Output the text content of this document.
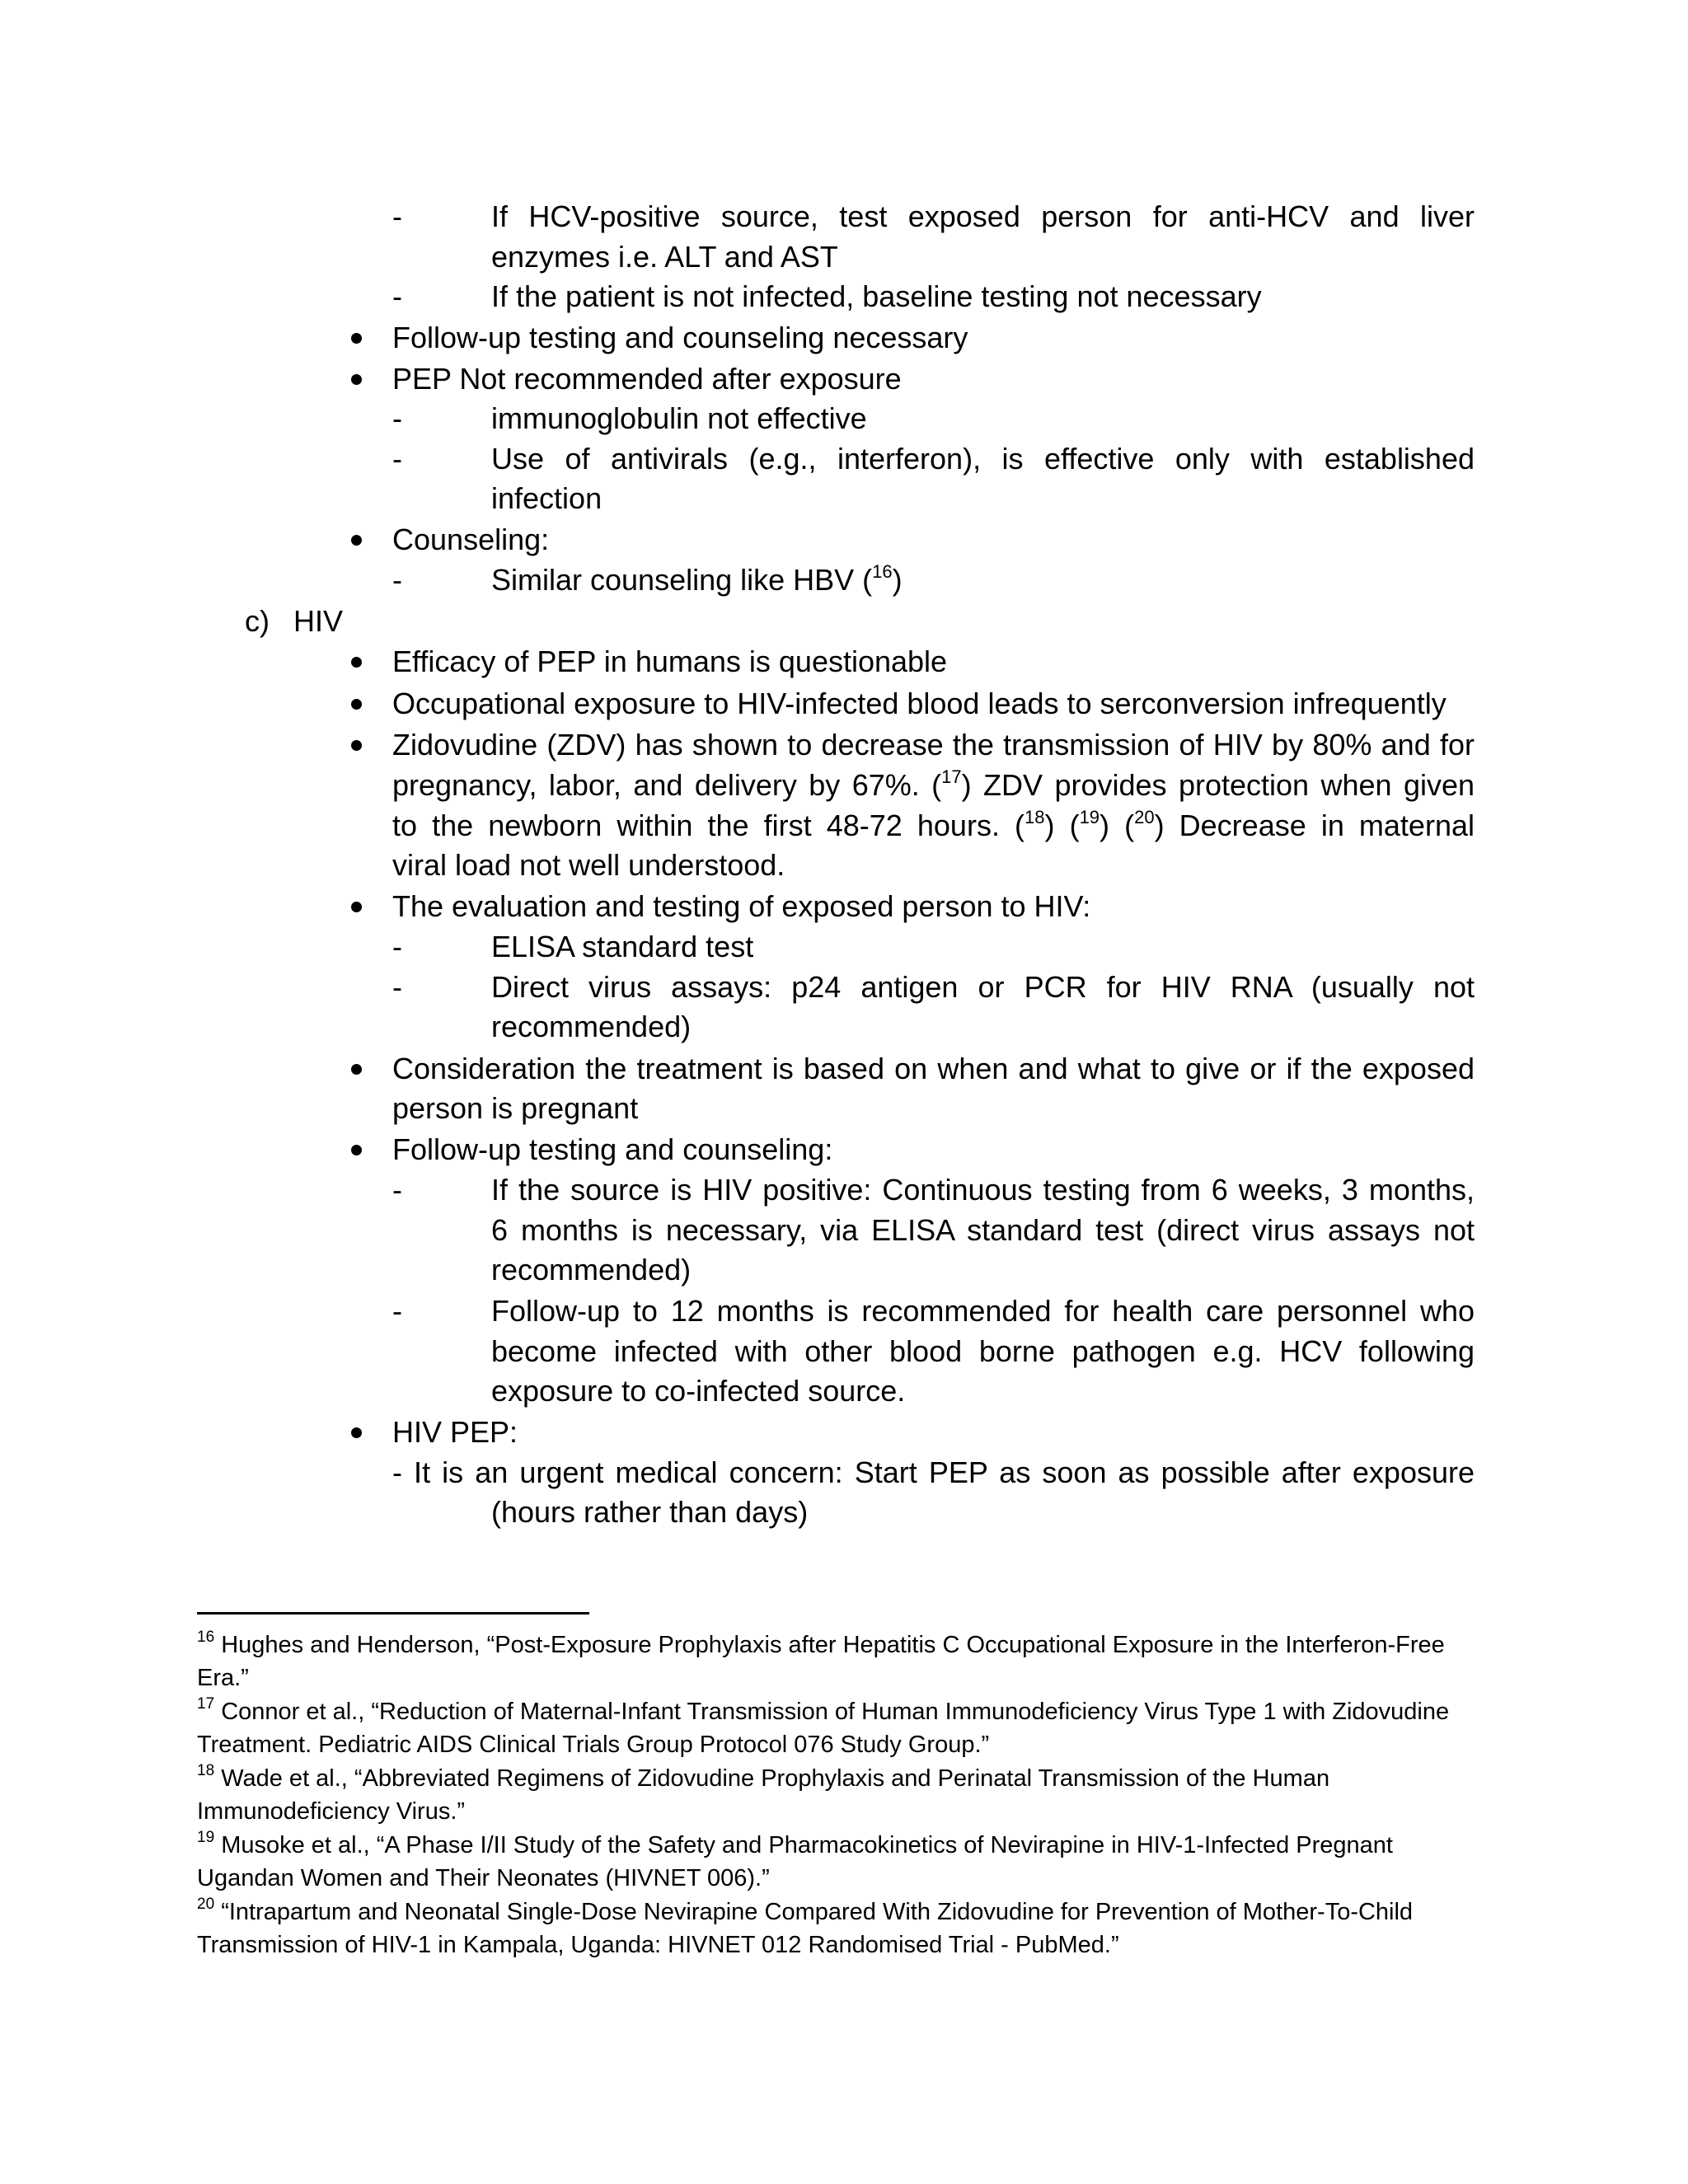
-	If HCV-positive source, test exposed person for anti-HCV and liver
enzymes i.e. ALT and AST
-	If the patient is not infected, baseline testing not necessary
Follow-up testing and counseling necessary
PEP Not recommended after exposure
-	immunoglobulin not effective
-	Use of antivirals (e.g., interferon), is effective only with established
infection
Counseling:
-	Similar counseling like HBV ($^{16}$)
c) HIV
Efficacy of PEP in humans is questionable
Occupational exposure to HIV-infected blood leads to serconversion infrequently
Zidovudine (ZDV) has shown to decrease the transmission of HIV by 80% and for
pregnancy, labor, and delivery by 67%. ($^{17}$) ZDV provides protection when given
to the newborn within the first 48-72 hours. ($^{18}$) ($^{19}$) ($^{20}$) Decrease in maternal
viral load not well understood.
The evaluation and testing of exposed person to HIV:
-	ELISA standard test
-	Direct virus assays: p24 antigen or PCR for HIV RNA (usually not
recommended)
Consideration the treatment is based on when and what to give or if the exposed
person is pregnant
Follow-up testing and counseling:
-	If the source is HIV positive: Continuous testing from 6 weeks, 3 months,
6 months is necessary, via ELISA standard test (direct virus assays not
recommended)
-	Follow-up to 12 months is recommended for health care personnel who
become infected with other blood borne pathogen e.g. HCV following
exposure to co-infected source.
HIV PEP:
- It is an urgent medical concern: Start PEP as soon as possible after exposure
(hours rather than days)
$^{16}$ Hughes and Henderson, “Post-Exposure Prophylaxis after Hepatitis C Occupational Exposure in the Interferon-Free Era.”
$^{17}$ Connor et al., “Reduction of Maternal-Infant Transmission of Human Immunodeficiency Virus Type 1 with Zidovudine Treatment. Pediatric AIDS Clinical Trials Group Protocol 076 Study Group.”
$^{18}$ Wade et al., “Abbreviated Regimens of Zidovudine Prophylaxis and Perinatal Transmission of the Human Immunodeficiency Virus.”
$^{19}$ Musoke et al., “A Phase I/II Study of the Safety and Pharmacokinetics of Nevirapine in HIV-1-Infected Pregnant Ugandan Women and Their Neonates (HIVNET 006).”
$^{20}$ “Intrapartum and Neonatal Single-Dose Nevirapine Compared With Zidovudine for Prevention of Mother-To-Child Transmission of HIV-1 in Kampala, Uganda: HIVNET 012 Randomised Trial - PubMed.”
